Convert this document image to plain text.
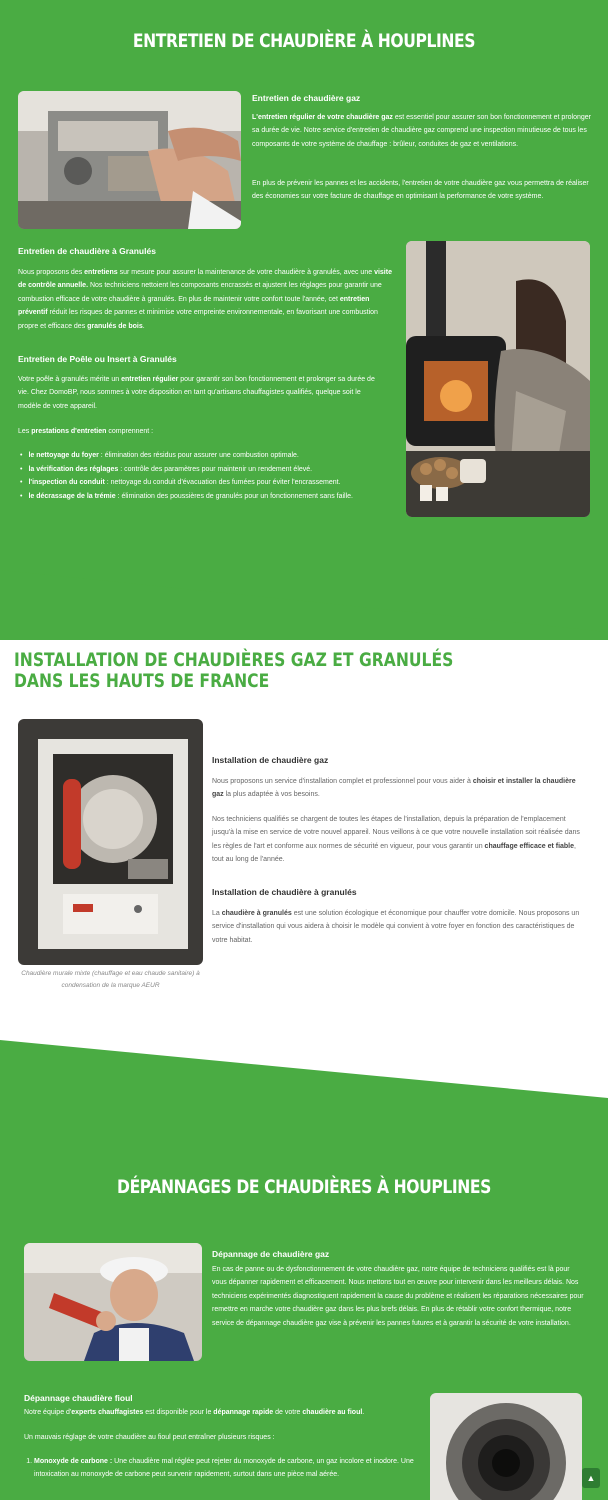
ENTRETIEN DE CHAUDIÈRE À HOUPLINES
Entretien de chaudière gaz
L'entretien régulier de votre chaudière gaz est essentiel pour assurer son bon fonctionnement et prolonger sa durée de vie. Notre service d'entretien de chaudière gaz comprend une inspection minutieuse de tous les composants de votre système de chauffage : brûleur, conduites de gaz et ventilations.
En plus de prévenir les pannes et les accidents, l'entretien de votre chaudière gaz vous permettra de réaliser des économies sur votre facture de chauffage en optimisant la performance de votre système.
Entretien de chaudière à Granulés
Nous proposons des entretiens sur mesure pour assurer la maintenance de votre chaudière à granulés, avec une visite de contrôle annuelle. Nos techniciens nettoient les composants encrassés et ajustent les réglages pour garantir une combustion efficace de votre chaudière à granulés. En plus de maintenir votre confort toute l'année, cet entretien préventif réduit les risques de pannes et minimise votre empreinte environnementale, en favorisant une combustion propre et efficace des granulés de bois.
Entretien de Poêle ou Insert à Granulés
Votre poêle à granulés mérite un entretien régulier pour garantir son bon fonctionnement et prolonger sa durée de vie. Chez DomoBP, nous sommes à votre disposition en tant qu'artisans chauffagistes qualifiés, quelque soit le modèle de votre appareil.
Les prestations d'entretien comprennent :
• le nettoyage du foyer : élimination des résidus pour assurer une combustion optimale.
• la vérification des réglages : contrôle des paramètres pour maintenir un rendement élevé.
• l'inspection du conduit : nettoyage du conduit d'évacuation des fumées pour éviter l'encrassement.
• le décrassage de la trémie : élimination des poussières de granulés pour un fonctionnement sans faille.
INSTALLATION DE CHAUDIÈRES GAZ ET GRANULÉS
DANS LES HAUTS DE FRANCE
Chaudière murale mixte (chauffage et eau chaude sanitaire) à condensation de la marque AEUR
Installation de chaudière gaz
Nous proposons un service d'installation complet et professionnel pour vous aider à choisir et installer la chaudière gaz la plus adaptée à vos besoins.
Nos techniciens qualifiés se chargent de toutes les étapes de l'installation, depuis la préparation de l'emplacement jusqu'à la mise en service de votre nouvel appareil. Nous veillons à ce que votre nouvelle installation soit réalisée dans les règles de l'art et conforme aux normes de sécurité en vigueur, pour vous garantir un chauffage efficace et fiable, tout au long de l'année.
Installation de chaudière à granulés
La chaudière à granulés est une solution écologique et économique pour chauffer votre domicile. Nous proposons un service d'installation qui vous aidera à choisir le modèle qui convient à votre foyer en fonction des caractéristiques de votre habitat.
DÉPANNAGES DE CHAUDIÈRES À HOUPLINES
Dépannage de chaudière gaz
En cas de panne ou de dysfonctionnement de votre chaudière gaz, notre équipe de techniciens qualifiés est là pour vous dépanner rapidement et efficacement. Nous mettons tout en œuvre pour intervenir dans les meilleurs délais. Nos techniciens expérimentés diagnostiquent rapidement la cause du problème et réalisent les réparations nécessaires pour remettre en marche votre chaudière gaz dans les plus brefs délais. En plus de rétablir votre confort thermique, notre service de dépannage chaudière gaz vise à prévenir les pannes futures et à garantir la sécurité de votre installation.
Dépannage chaudière fioul
Notre équipe d'experts chauffagistes est disponible pour le dépannage rapide de votre chaudière au fioul.
Un mauvais réglage de votre chaudière au fioul peut entraîner plusieurs risques :
1. Monoxyde de carbone : Une chaudière mal réglée peut rejeter du monoxyde de carbone, un gaz incolore et inodore. Une intoxication au monoxyde de carbone peut survenir rapidement, surtout dans une pièce mal aérée.	▲
